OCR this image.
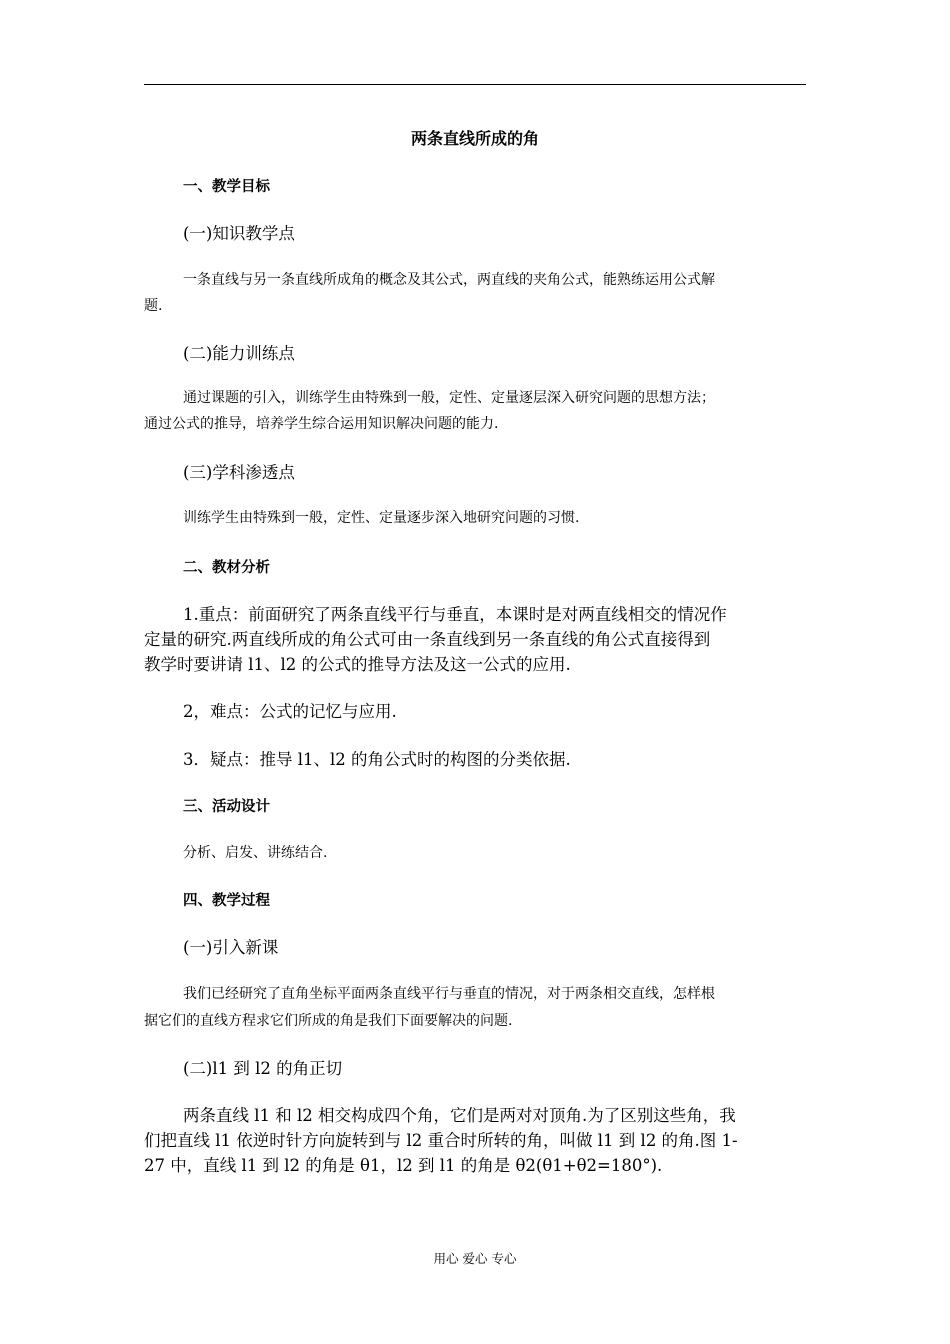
两条直线所成的角
一、教学目标
(一)知识教学点
一条直线与另一条直线所成角的概念及其公式，两直线的夹角公式，能熟练运用公式解
题.
(二)能力训练点
通过课题的引入，训练学生由特殊到一般，定性、定量逐层深入研究问题的思想方法；
通过公式的推导，培养学生综合运用知识解决问题的能力.
(三)学科渗透点
训练学生由特殊到一般，定性、定量逐步深入地研究问题的习惯.
二、教材分析
1.重点：前面研究了两条直线平行与垂直，本课时是对两直线相交的情况作
定量的研究.两直线所成的角公式可由一条直线到另一条直线的角公式直接得到
教学时要讲请 l1、l2 的公式的推导方法及这一公式的应用.
2，难点：公式的记忆与应用.
3．疑点：推导 l1、l2 的角公式时的构图的分类依据.
三、活动设计
分析、启发、讲练结合.
四、教学过程
(一)引入新课
我们已经研究了直角坐标平面两条直线平行与垂直的情况，对于两条相交直线，怎样根
据它们的直线方程求它们所成的角是我们下面要解决的问题.
(二)l1 到 l2 的角正切
两条直线 l1 和 l2 相交构成四个角，它们是两对对顶角.为了区别这些角，我
们把直线 l1 依逆时针方向旋转到与 l2 重合时所转的角，叫做 l1 到 l2 的角.图 1-
27 中，直线 l1 到 l2 的角是 θ1，l2 到 l1 的角是 θ2(θ1+θ2=180°).
用心 爱心 专心
